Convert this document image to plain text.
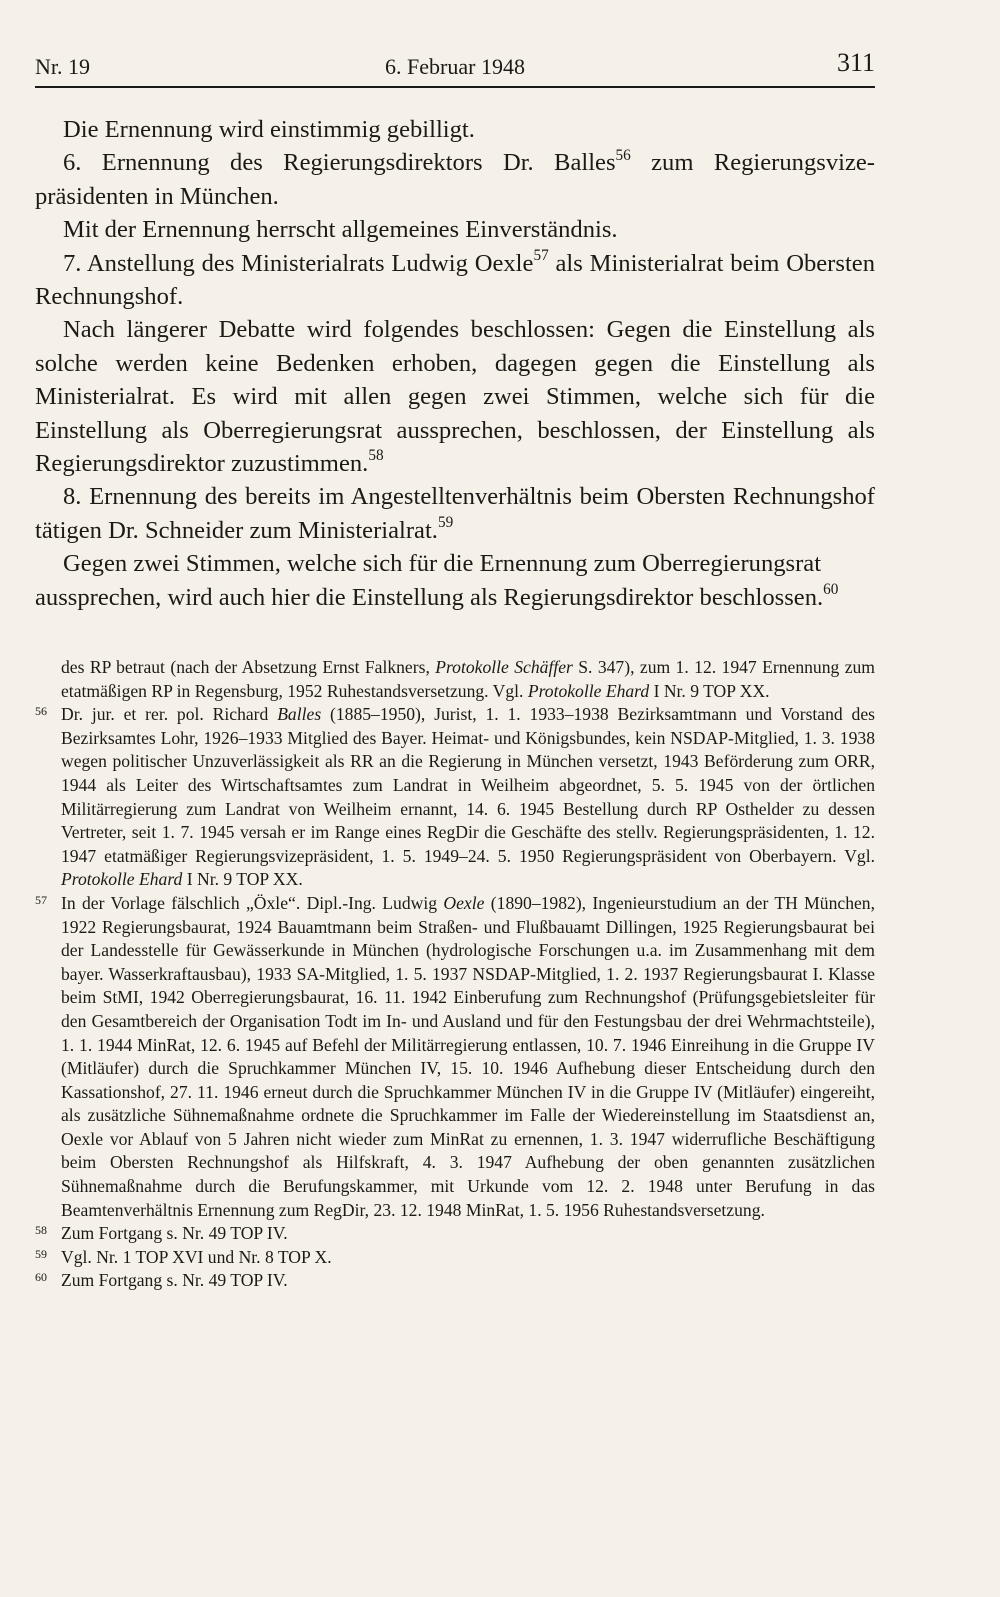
Nr. 19	6. Februar 1948	311

Die Ernennung wird einstimmig gebilligt.

6. Ernennung des Regierungsdirektors Dr. Balles$^{56}$ zum Regierungsvizepräsidenten in München.

Mit der Ernennung herrscht allgemeines Einverständnis.

7. Anstellung des Ministerialrats Ludwig Oexle$^{57}$ als Ministerialrat beim Obersten Rechnungshof.

Nach längerer Debatte wird folgendes beschlossen: Gegen die Einstellung als solche werden keine Bedenken erhoben, dagegen gegen die Einstellung als Ministerialrat. Es wird mit allen gegen zwei Stimmen, welche sich für die Einstellung als Oberregierungsrat aussprechen, beschlossen, der Einstellung als Regierungsdirektor zuzustimmen.$^{58}$

8. Ernennung des bereits im Angestelltenverhältnis beim Obersten Rechnungshof tätigen Dr. Schneider zum Ministerialrat.$^{59}$

Gegen zwei Stimmen, welche sich für die Ernennung zum Oberregierungsrat aussprechen, wird auch hier die Einstellung als Regierungsdirektor beschlossen.$^{60}$

des RP betraut (nach der Absetzung Ernst Falkners, Protokolle Schäffer S. 347), zum 1. 12. 1947 Ernennung zum etatmäßigen RP in Regensburg, 1952 Ruhestandsversetzung. Vgl. Protokolle Ehard I Nr. 9 TOP XX.

56 Dr. jur. et rer. pol. Richard Balles (1885–1950), Jurist, 1. 1. 1933–1938 Bezirksamtmann und Vorstand des Bezirksamtes Lohr, 1926–1933 Mitglied des Bayer. Heimat- und Königsbundes, kein NSDAP-Mitglied, 1. 3. 1938 wegen politischer Unzuverlässigkeit als RR an die Regierung in München versetzt, 1943 Beförderung zum ORR, 1944 als Leiter des Wirtschaftsamtes zum Landrat in Weilheim abgeordnet, 5. 5. 1945 von der örtlichen Militärregierung zum Landrat von Weilheim ernannt, 14. 6. 1945 Bestellung durch RP Osthelder zu dessen Vertreter, seit 1. 7. 1945 versah er im Range eines RegDir die Geschäfte des stellv. Regierungspräsidenten, 1. 12. 1947 etatmäßiger Regierungsvizepräsident, 1. 5. 1949–24. 5. 1950 Regierungspräsident von Oberbayern. Vgl. Protokolle Ehard I Nr. 9 TOP XX.

57 In der Vorlage fälschlich „Öxle“. Dipl.-Ing. Ludwig Oexle (1890–1982), Ingenieurstudium an der TH München, 1922 Regierungsbaurat, 1924 Bauamtmann beim Straßen- und Flußbauamt Dillingen, 1925 Regierungsbaurat bei der Landesstelle für Gewässerkunde in München (hydrologische Forschungen u.a. im Zusammenhang mit dem bayer. Wasserkraftausbau), 1933 SA-Mitglied, 1. 5. 1937 NSDAP-Mitglied, 1. 2. 1937 Regierungsbaurat I. Klasse beim StMI, 1942 Oberregierungsbaurat, 16. 11. 1942 Einberufung zum Rechnungshof (Prüfungsgebietsleiter für den Gesamtbereich der Organisation Todt im In- und Ausland und für den Festungsbau der drei Wehrmachtsteile), 1. 1. 1944 MinRat, 12. 6. 1945 auf Befehl der Militärregierung entlassen, 10. 7. 1946 Einreihung in die Gruppe IV (Mitläufer) durch die Spruchkammer München IV, 15. 10. 1946 Aufhebung dieser Entscheidung durch den Kassationshof, 27. 11. 1946 erneut durch die Spruchkammer München IV in die Gruppe IV (Mitläufer) eingereiht, als zusätzliche Sühnemaßnahme ordnete die Spruchkammer im Falle der Wiedereinstellung im Staatsdienst an, Oexle vor Ablauf von 5 Jahren nicht wieder zum MinRat zu ernennen, 1. 3. 1947 widerrufliche Beschäftigung beim Obersten Rechnungshof als Hilfskraft, 4. 3. 1947 Aufhebung der oben genannten zusätzlichen Sühnemaßnahme durch die Berufungskammer, mit Urkunde vom 12. 2. 1948 unter Berufung in das Beamtenverhältnis Ernennung zum RegDir, 23. 12. 1948 MinRat, 1. 5. 1956 Ruhestandsversetzung.

58 Zum Fortgang s. Nr. 49 TOP IV.

59 Vgl. Nr. 1 TOP XVI und Nr. 8 TOP X.

60 Zum Fortgang s. Nr. 49 TOP IV.
